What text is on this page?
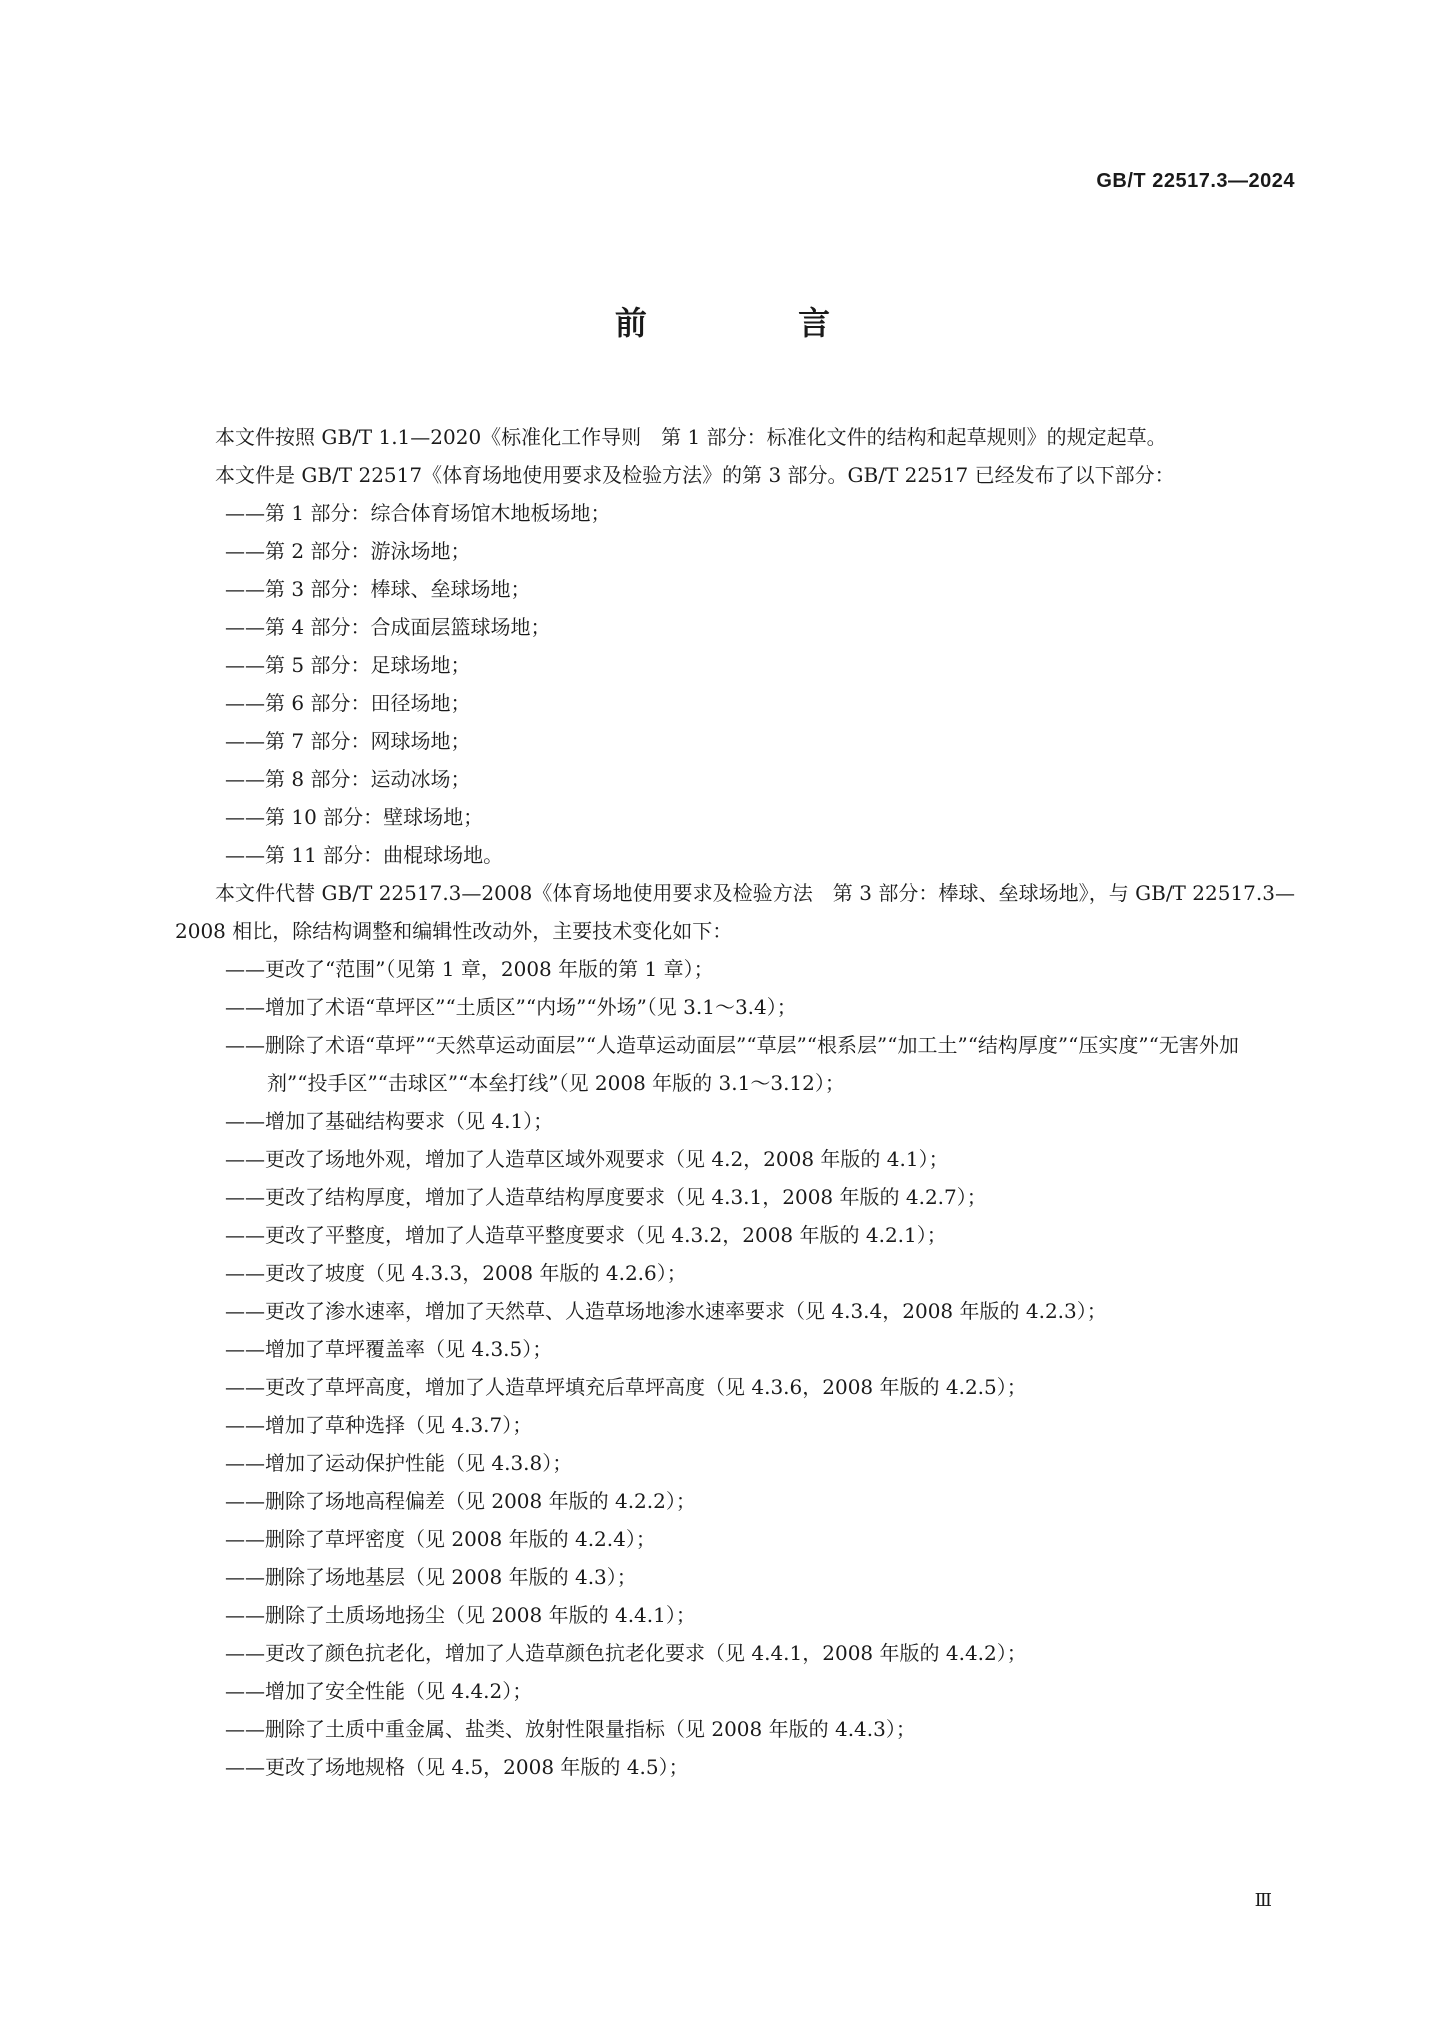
GB/T 22517.3—2024
前 言

本文件按照 GB/T 1.1—2020《标准化工作导则　第 1 部分：标准化文件的结构和起草规则》的规定起草。

本文件是 GB/T 22517《体育场地使用要求及检验方法》的第 3 部分。GB/T 22517 已经发布了以下部分：

——第 1 部分：综合体育场馆木地板场地；

——第 2 部分：游泳场地；

——第 3 部分：棒球、垒球场地；

——第 4 部分：合成面层篮球场地；

——第 5 部分：足球场地；

——第 6 部分：田径场地；

——第 7 部分：网球场地；

——第 8 部分：运动冰场；

——第 10 部分：壁球场地；

——第 11 部分：曲棍球场地。

本文件代替 GB/T 22517.3—2008《体育场地使用要求及检验方法　第 3 部分：棒球、垒球场地》，与 GB/T 22517.3—2008 相比，除结构调整和编辑性改动外，主要技术变化如下：

——更改了“范围”（见第 1 章，2008 年版的第 1 章）；

——增加了术语“草坪区”“土质区”“内场”“外场”（见 3.1～3.4）；

——删除了术语“草坪”“天然草运动面层”“人造草运动面层”“草层”“根系层”“加工土”“结构厚度”“压实度”“无害外加剂”“投手区”“击球区”“本垒打线”（见 2008 年版的 3.1～3.12）；

——增加了基础结构要求（见 4.1）；

——更改了场地外观，增加了人造草区域外观要求（见 4.2，2008 年版的 4.1）；

——更改了结构厚度，增加了人造草结构厚度要求（见 4.3.1，2008 年版的 4.2.7）；

——更改了平整度，增加了人造草平整度要求（见 4.3.2，2008 年版的 4.2.1）；

——更改了坡度（见 4.3.3，2008 年版的 4.2.6）；

——更改了渗水速率，增加了天然草、人造草场地渗水速率要求（见 4.3.4，2008 年版的 4.2.3）；

——增加了草坪覆盖率（见 4.3.5）；

——更改了草坪高度，增加了人造草坪填充后草坪高度（见 4.3.6，2008 年版的 4.2.5）；

——增加了草种选择（见 4.3.7）；

——增加了运动保护性能（见 4.3.8）；

——删除了场地高程偏差（见 2008 年版的 4.2.2）；

——删除了草坪密度（见 2008 年版的 4.2.4）；

——删除了场地基层（见 2008 年版的 4.3）；

——删除了土质场地扬尘（见 2008 年版的 4.4.1）；

——更改了颜色抗老化，增加了人造草颜色抗老化要求（见 4.4.1，2008 年版的 4.4.2）；

——增加了安全性能（见 4.4.2）；

——删除了土质中重金属、盐类、放射性限量指标（见 2008 年版的 4.4.3）；

——更改了场地规格（见 4.5，2008 年版的 4.5）；

Ⅲ
